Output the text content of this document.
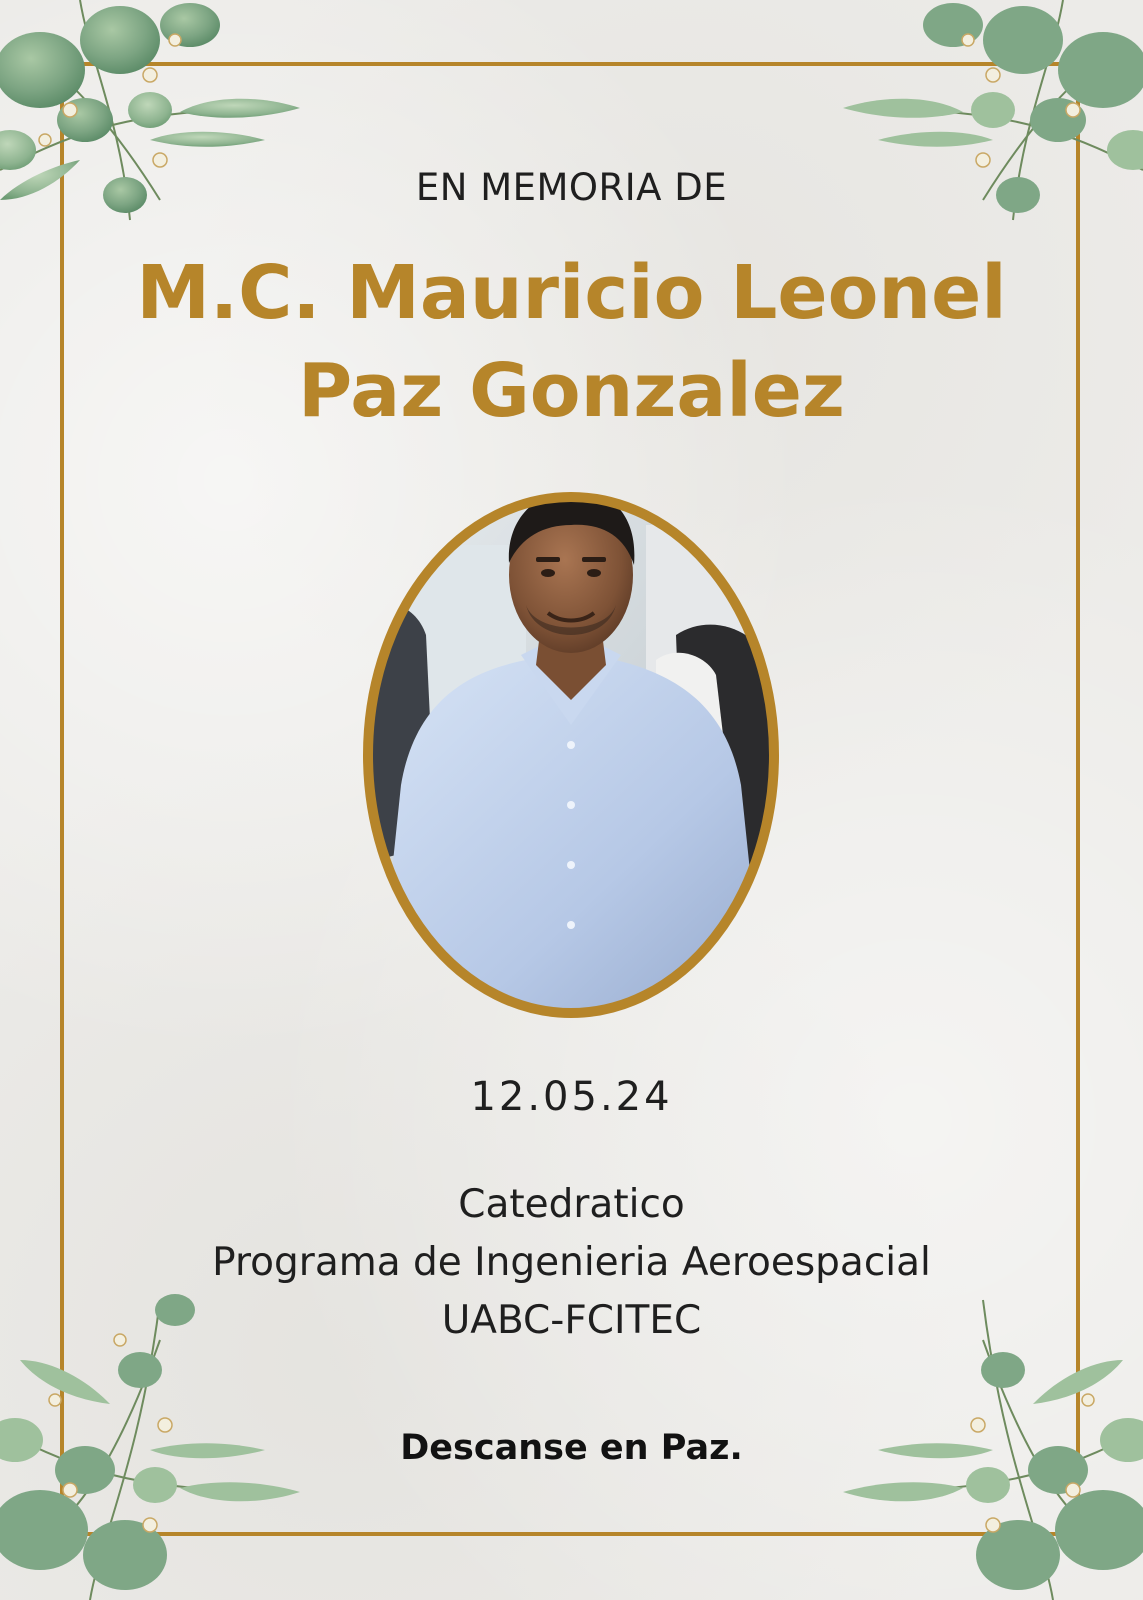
EN MEMORIA DE
M.C. Mauricio Leonel
Paz Gonzalez
12.05.24
Catedratico
Programa de Ingenieria Aeroespacial
UABC-FCITEC
Descanse en Paz.
